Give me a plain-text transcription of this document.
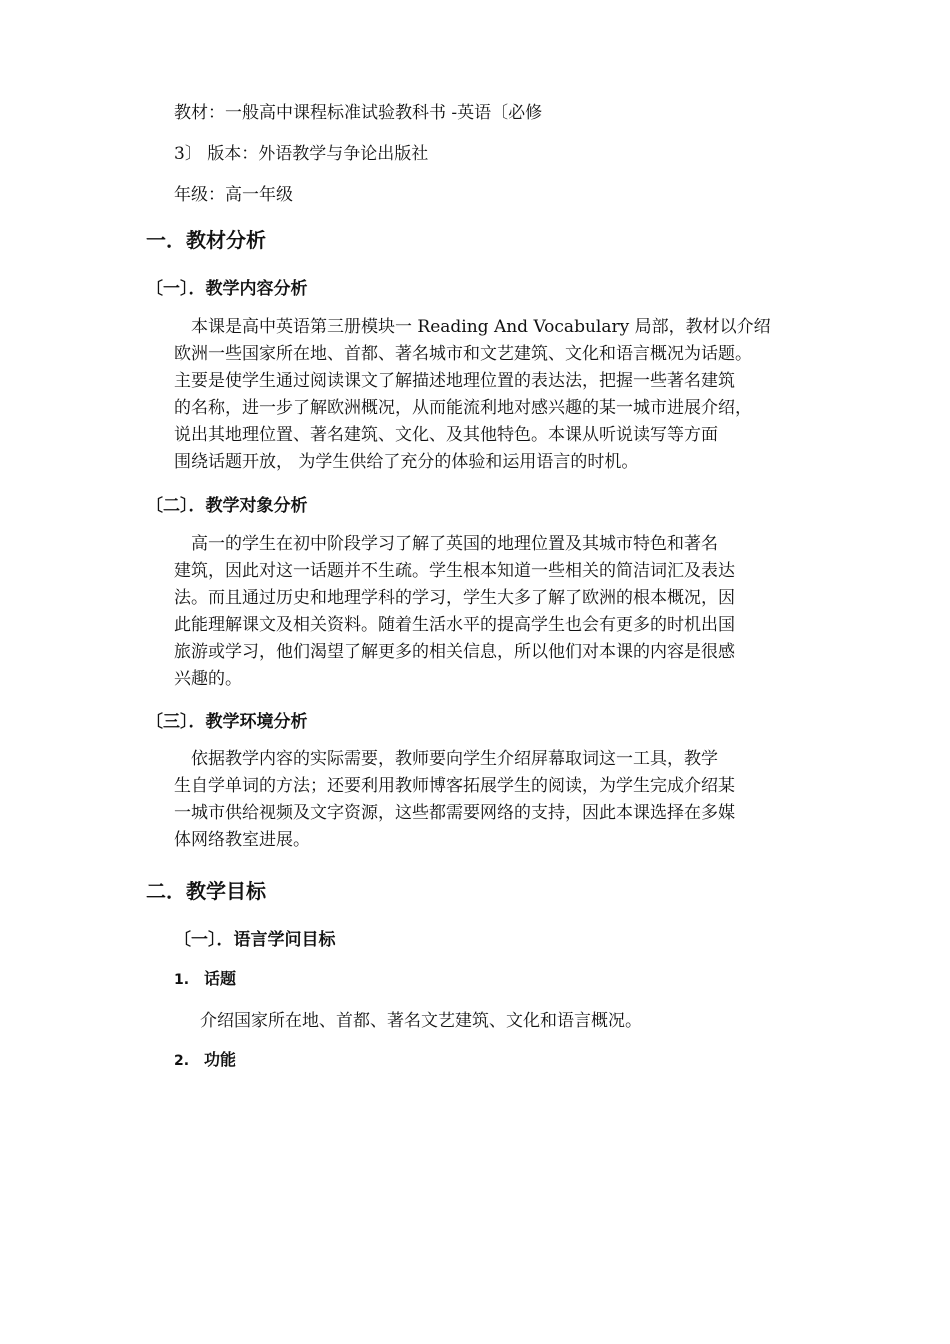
教材：一般高中课程标准试验教科书 -英语〔必修

3〕 版本：外语教学与争论出版社

年级：高一年级

一．教材分析
〔一〕．教学内容分析
　本课是高中英语第三册模块一 Reading And Vocabulary 局部，教材以介绍
欧洲一些国家所在地、首都、著名城市和文艺建筑、文化和语言概况为话题。
主要是使学生通过阅读课文了解描述地理位置的表达法，把握一些著名建筑
的名称，进一步了解欧洲概况，从而能流利地对感兴趣的某一城市进展介绍，
说出其地理位置、著名建筑、文化、及其他特色。本课从听说读写等方面
围绕话题开放， 为学生供给了充分的体验和运用语言的时机。
〔二〕．教学对象分析
　高一的学生在初中阶段学习了解了英国的地理位置及其城市特色和著名
建筑，因此对这一话题并不生疏。学生根本知道一些相关的简洁词汇及表达
法。而且通过历史和地理学科的学习，学生大多了解了欧洲的根本概况，因
此能理解课文及相关资料。随着生活水平的提高学生也会有更多的时机出国
旅游或学习，他们渴望了解更多的相关信息，所以他们对本课的内容是很感
兴趣的。
〔三〕．教学环境分析
　依据教学内容的实际需要，教师要向学生介绍屏幕取词这一工具，教学
生自学单词的方法；还要利用教师博客拓展学生的阅读，为学生完成介绍某
一城市供给视频及文字资源，这些都需要网络的支持，因此本课选择在多媒
体网络教室进展。
二．教学目标
〔一〕．语言学问目标
1. 话题

介绍国家所在地、首都、著名文艺建筑、文化和语言概况。

2. 功能
